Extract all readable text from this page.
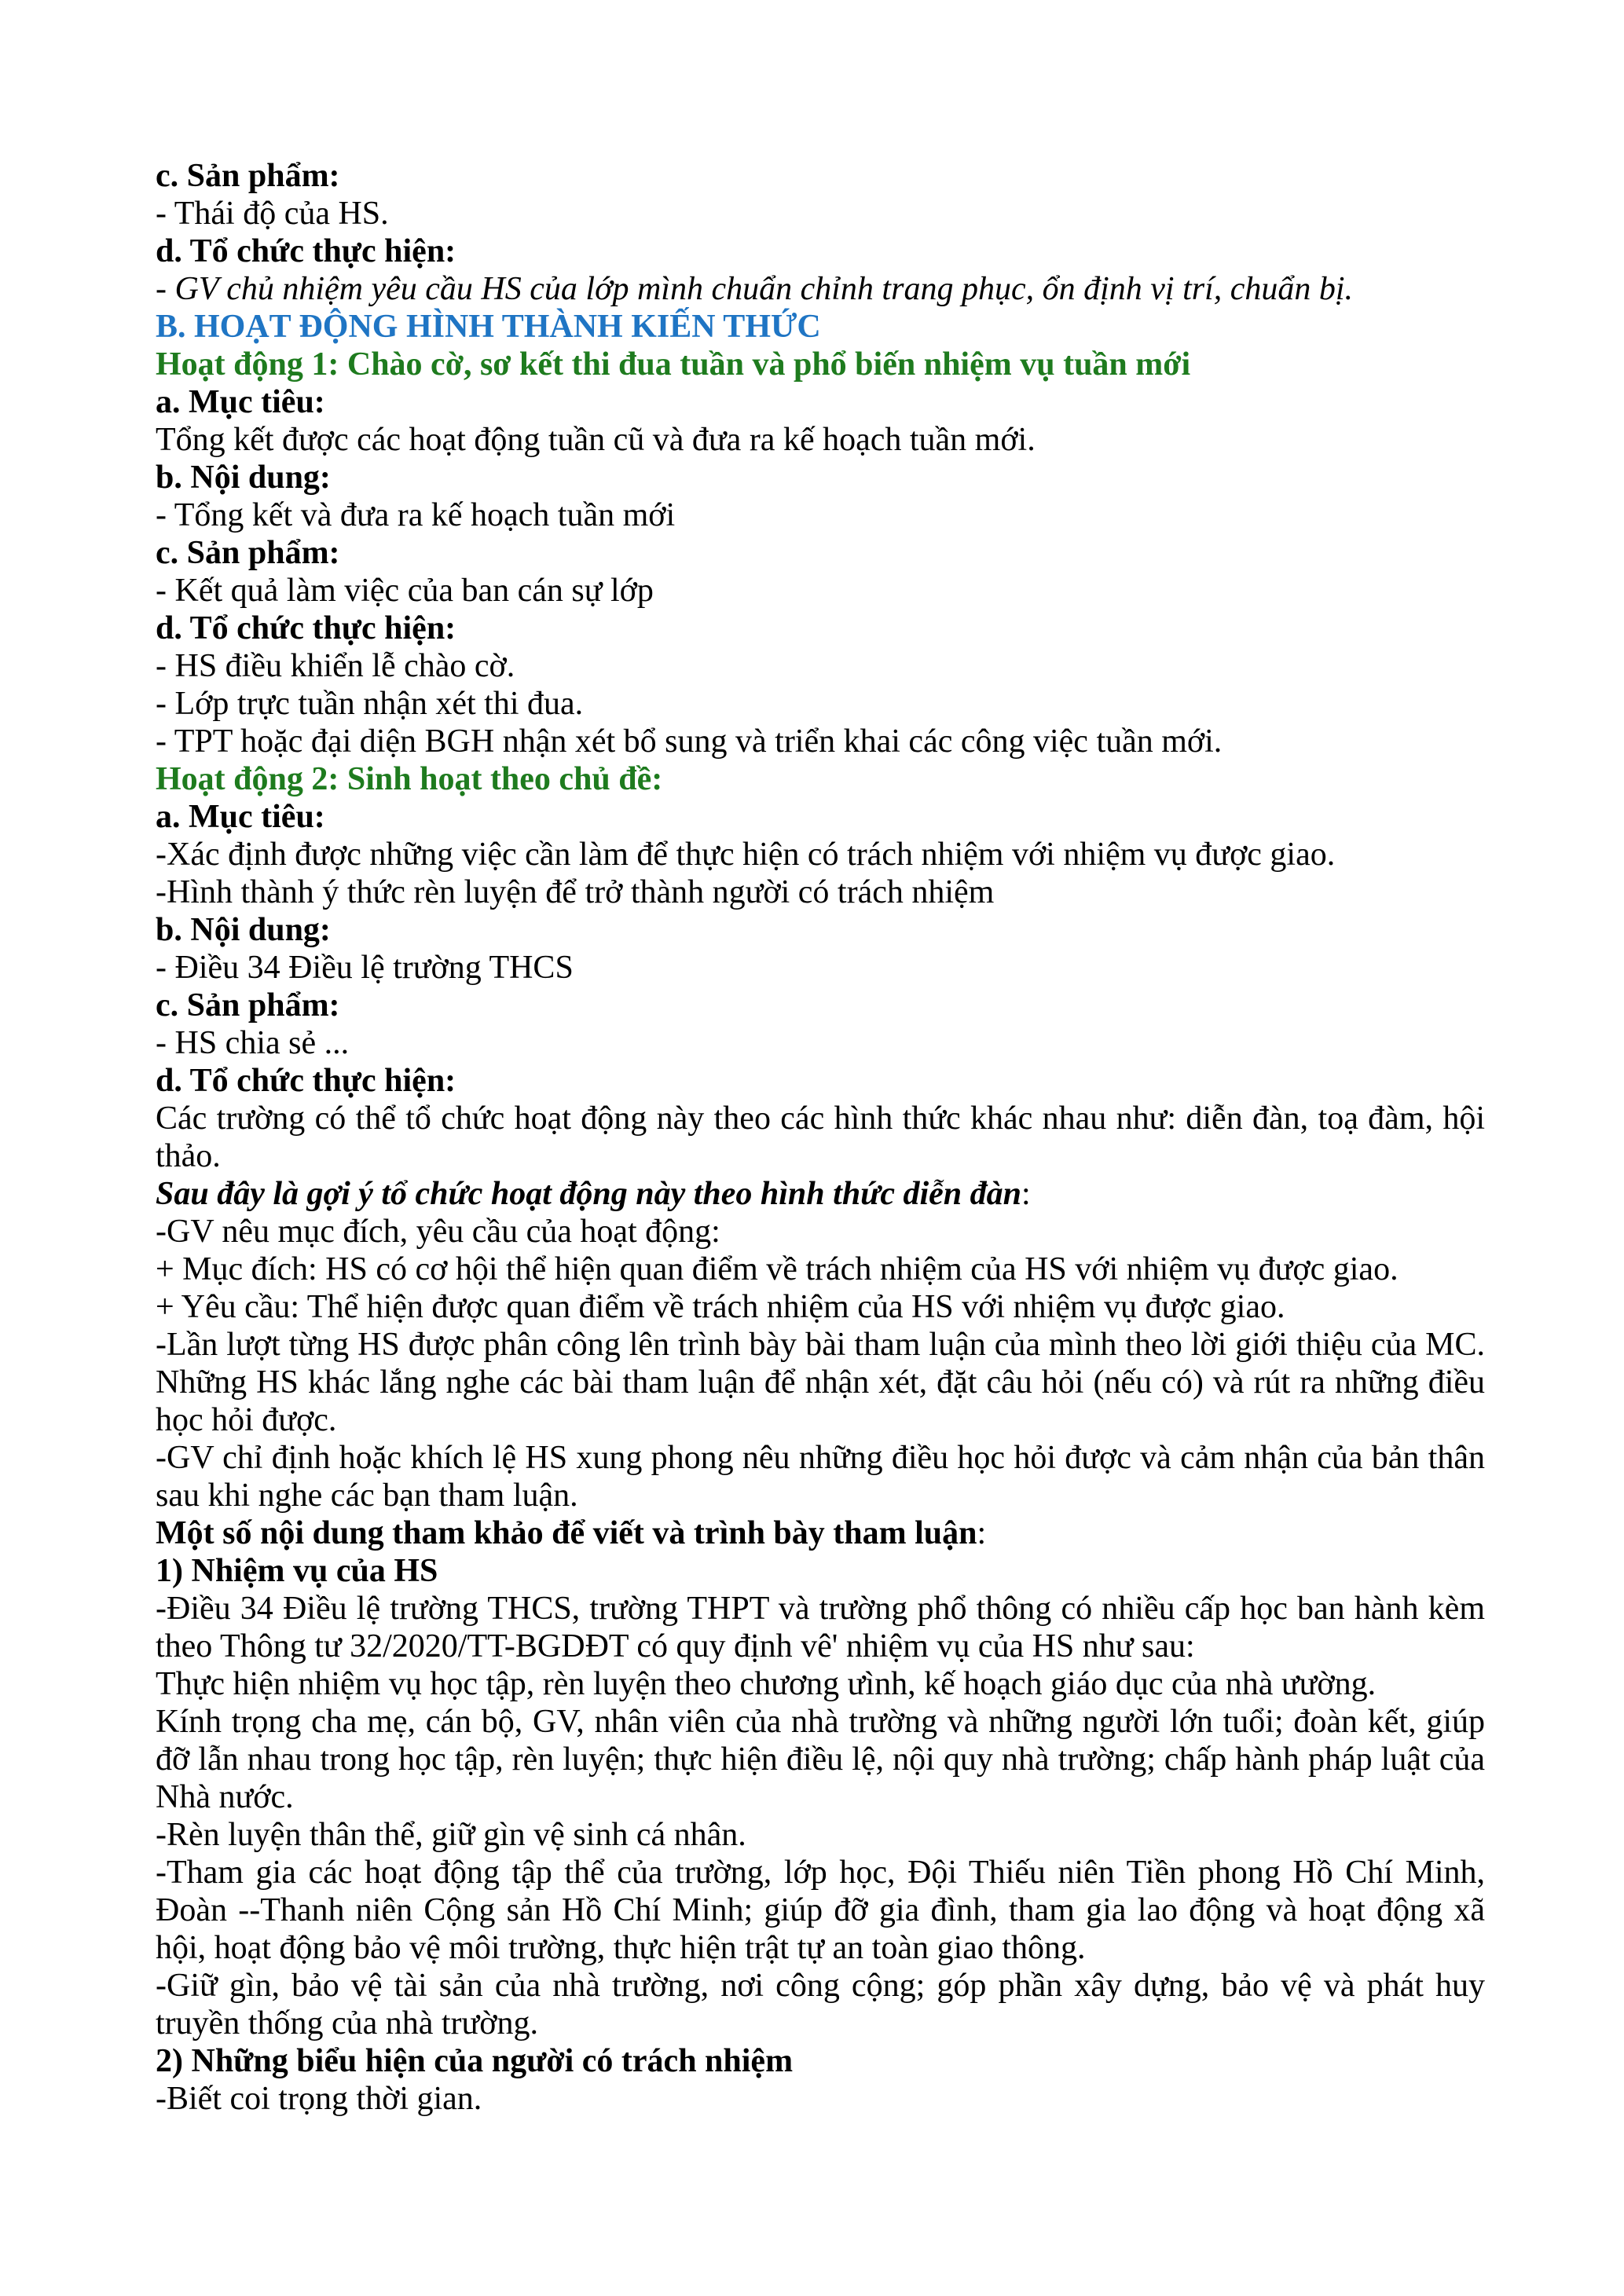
c. Sản phẩm:

- Thái độ của HS.

d. Tổ chức thực hiện:

- GV chủ nhiệm yêu cầu HS của lớp mình chuẩn chỉnh trang phục, ổn định vị trí, chuẩn bị.

B. HOẠT ĐỘNG HÌNH THÀNH KIẾN THỨC

Hoạt động 1: Chào cờ, sơ kết thi đua tuần và phổ biến nhiệm vụ tuần mới

a. Mục tiêu:

Tổng kết được các hoạt động tuần cũ và đưa ra kế hoạch tuần mới.

b. Nội dung:

- Tổng kết và đưa ra kế hoạch tuần mới

c. Sản phẩm:

- Kết quả làm việc của ban cán sự lớp

d. Tổ chức thực hiện:

- HS điều khiển lễ chào cờ.

- Lớp trực tuần nhận xét thi đua.

- TPT hoặc đại diện BGH nhận xét bổ sung và triển khai các công việc tuần mới.

Hoạt động 2: Sinh hoạt theo chủ đề:

a. Mục tiêu:

-Xác định được những việc cần làm để thực hiện có trách nhiệm với nhiệm vụ được giao.

-Hình thành ý thức rèn luyện để trở thành người có trách nhiệm

b. Nội dung:

- Điều 34 Điều lệ trường THCS

c. Sản phẩm:

- HS chia sẻ ...

d. Tổ chức thực hiện:

Các trường có thể tổ chức hoạt động này theo các hình thức khác nhau như: diễn đàn, toạ đàm, hội thảo.

Sau đây là gợi ý tổ chức hoạt động này theo hình thức diễn đàn:

-GV nêu mục đích, yêu cầu của hoạt động:

+ Mục đích: HS có cơ hội thể hiện quan điểm về trách nhiệm của HS với nhiệm vụ được giao.

+ Yêu cầu: Thể hiện được quan điểm về trách nhiệm của HS với nhiệm vụ được giao.

-Lần lượt từng HS được phân công lên trình bày bài tham luận của mình theo lời giới thiệu của MC. Những HS khác lắng nghe các bài tham luận để nhận xét, đặt câu hỏi (nếu có) và rút ra những điều học hỏi được.

-GV chỉ định hoặc khích lệ HS xung phong nêu những điều học hỏi được và cảm nhận của bản thân sau khi nghe các bạn tham luận.

Một số nội dung tham khảo để viết và trình bày tham luận:

1) Nhiệm vụ của HS

-Điều 34 Điều lệ trường THCS, trường THPT và trường phổ thông có nhiều cấp học ban hành kèm theo Thông tư 32/2020/TT-BGDĐT có quy định vê' nhiệm vụ của HS như sau:

Thực hiện nhiệm vụ học tập, rèn luyện theo chương ưình, kế hoạch giáo dục của nhà ưường.

Kính trọng cha mẹ, cán bộ, GV, nhân viên của nhà trường và những người lớn tuổi; đoàn kết, giúp đỡ lẫn nhau trong học tập, rèn luyện; thực hiện điều lệ, nội quy nhà trường; chấp hành pháp luật của Nhà nước.

-Rèn luyện thân thể, giữ gìn vệ sinh cá nhân.

-Tham gia các hoạt động tập thể của trường, lớp học, Đội Thiếu niên Tiền phong Hồ Chí Minh, Đoàn --Thanh niên Cộng sản Hồ Chí Minh; giúp đỡ gia đình, tham gia lao động và hoạt động xã hội, hoạt động bảo vệ môi trường, thực hiện trật tự an toàn giao thông.

-Giữ gìn, bảo vệ tài sản của nhà trường, nơi công cộng; góp phần xây dựng, bảo vệ và phát huy truyền thống của nhà trường.

2) Những biểu hiện của người có trách nhiệm

-Biết coi trọng thời gian.
